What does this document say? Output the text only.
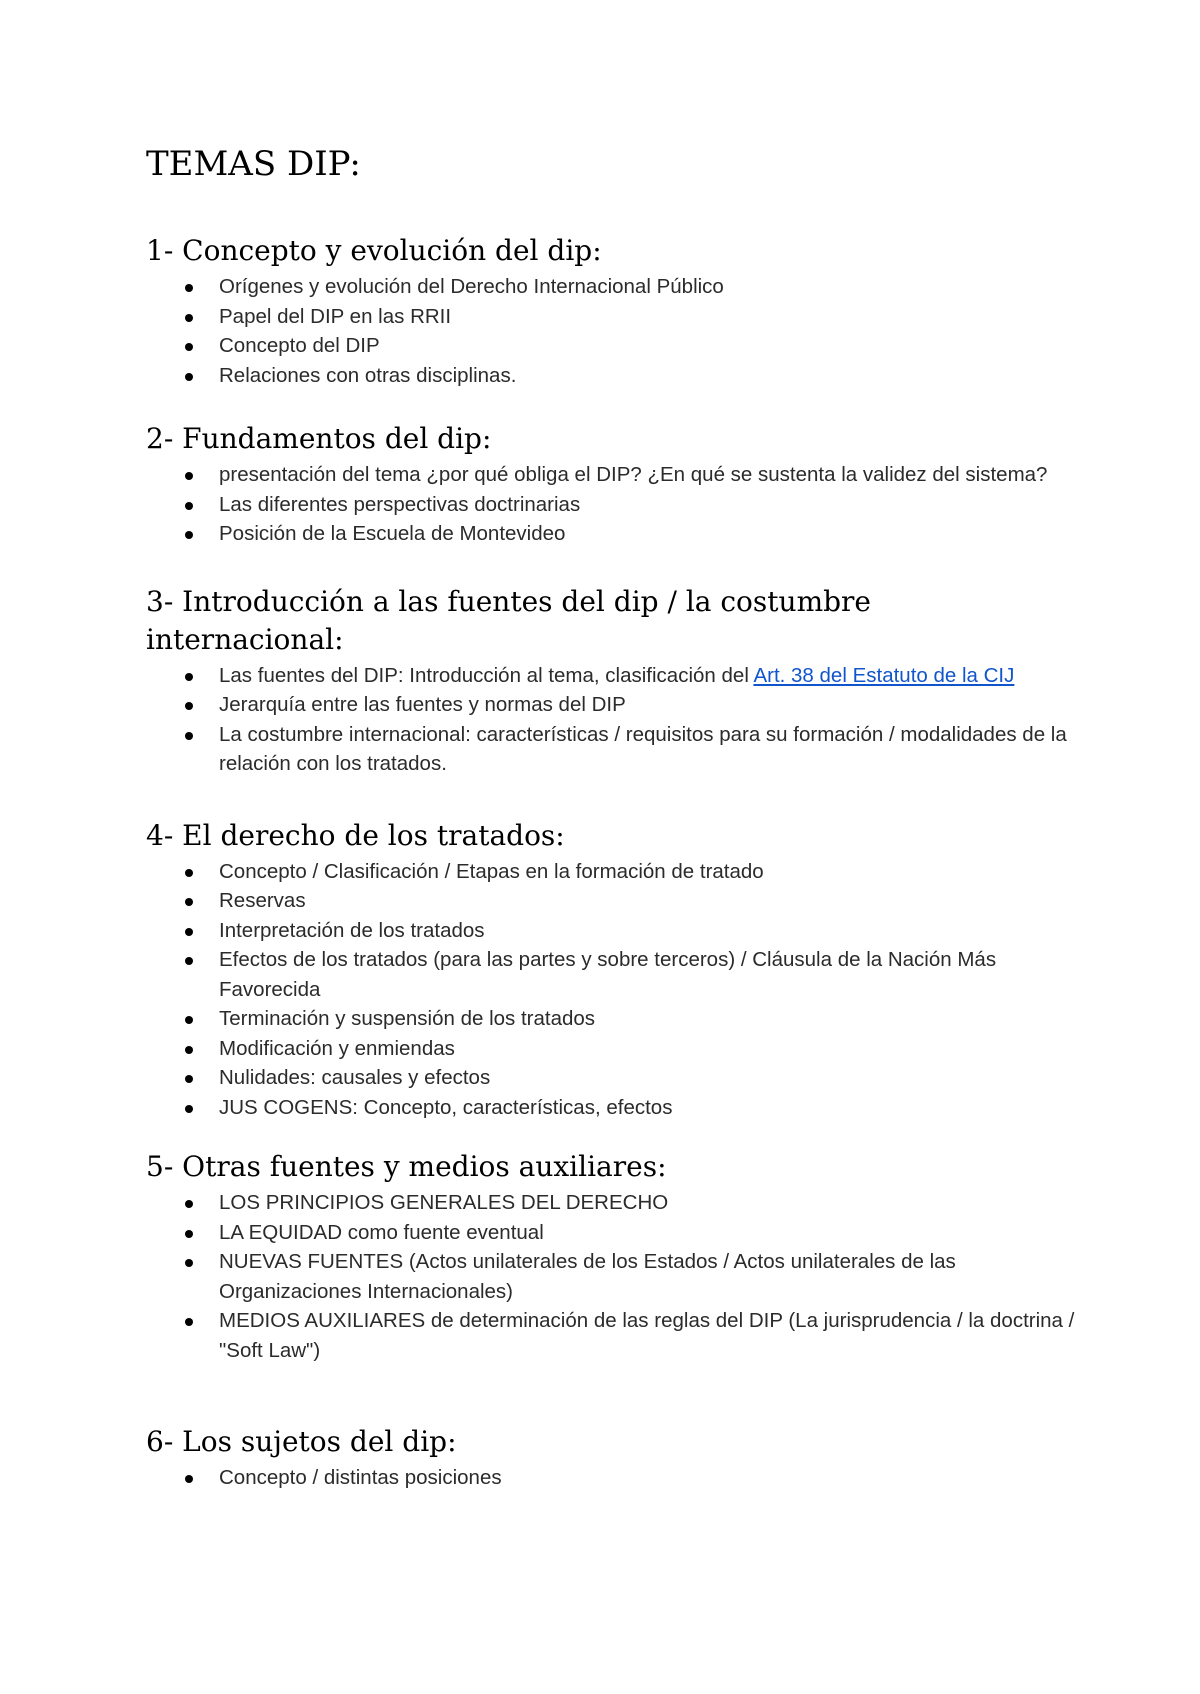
TEMAS DIP:
1- Concepto y evolución del dip:
Orígenes y evolución del Derecho Internacional Público
Papel del DIP en las RRII
Concepto del DIP
Relaciones con otras disciplinas.
2- Fundamentos del dip:
presentación del tema ¿por qué obliga el DIP? ¿En qué se sustenta la validez del sistema?
Las diferentes perspectivas doctrinarias
Posición de la Escuela de Montevideo
3- Introducción a las fuentes del dip / la costumbre internacional:
Las fuentes del DIP: Introducción al tema, clasificación del Art. 38 del Estatuto de la CIJ
Jerarquía entre las fuentes y normas del DIP
La costumbre internacional: características / requisitos para su formación / modalidades de la relación con los tratados.
4- El derecho de los tratados:
Concepto / Clasificación / Etapas en la formación de tratado
Reservas
Interpretación de los tratados
Efectos de los tratados (para las partes y sobre terceros) / Cláusula de la Nación Más Favorecida
Terminación y suspensión de los tratados
Modificación y enmiendas
Nulidades: causales y efectos
JUS COGENS: Concepto, características, efectos
5- Otras fuentes y medios auxiliares:
LOS PRINCIPIOS GENERALES DEL DERECHO
LA EQUIDAD como fuente eventual
NUEVAS FUENTES (Actos unilaterales de los Estados / Actos unilaterales de las Organizaciones Internacionales)
MEDIOS AUXILIARES de determinación de las reglas del DIP (La jurisprudencia / la doctrina / "Soft Law")
6- Los sujetos del dip:
Concepto / distintas posiciones
